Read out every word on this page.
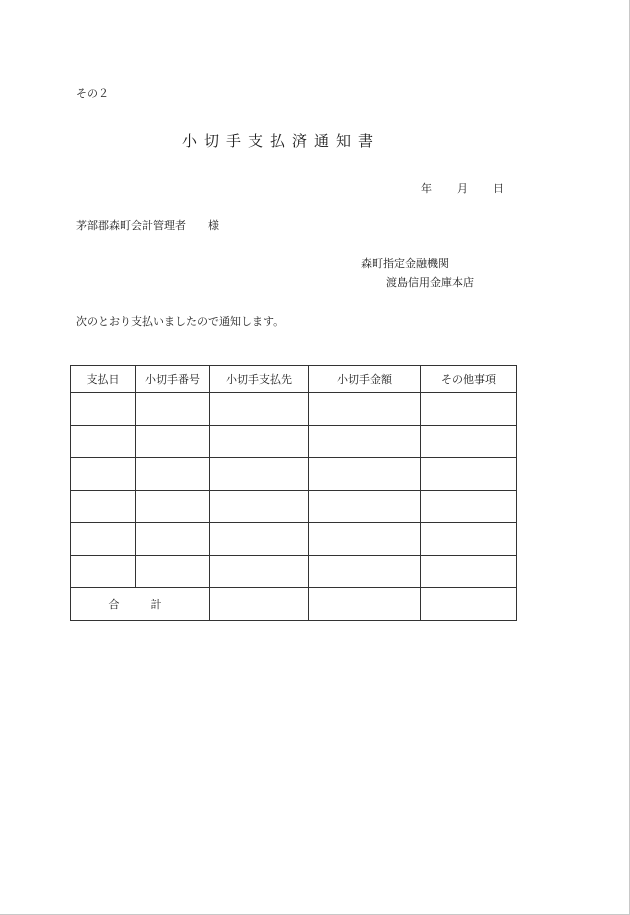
その２
小切手支払済通知書
年 月 日
茅部郡森町会計管理者 様
森町指定金融機関
渡島信用金庫本店
次のとおり支払いましたので通知します。
支払日	小切手番号	小切手支払先	小切手金額	その他事項

合　計				
